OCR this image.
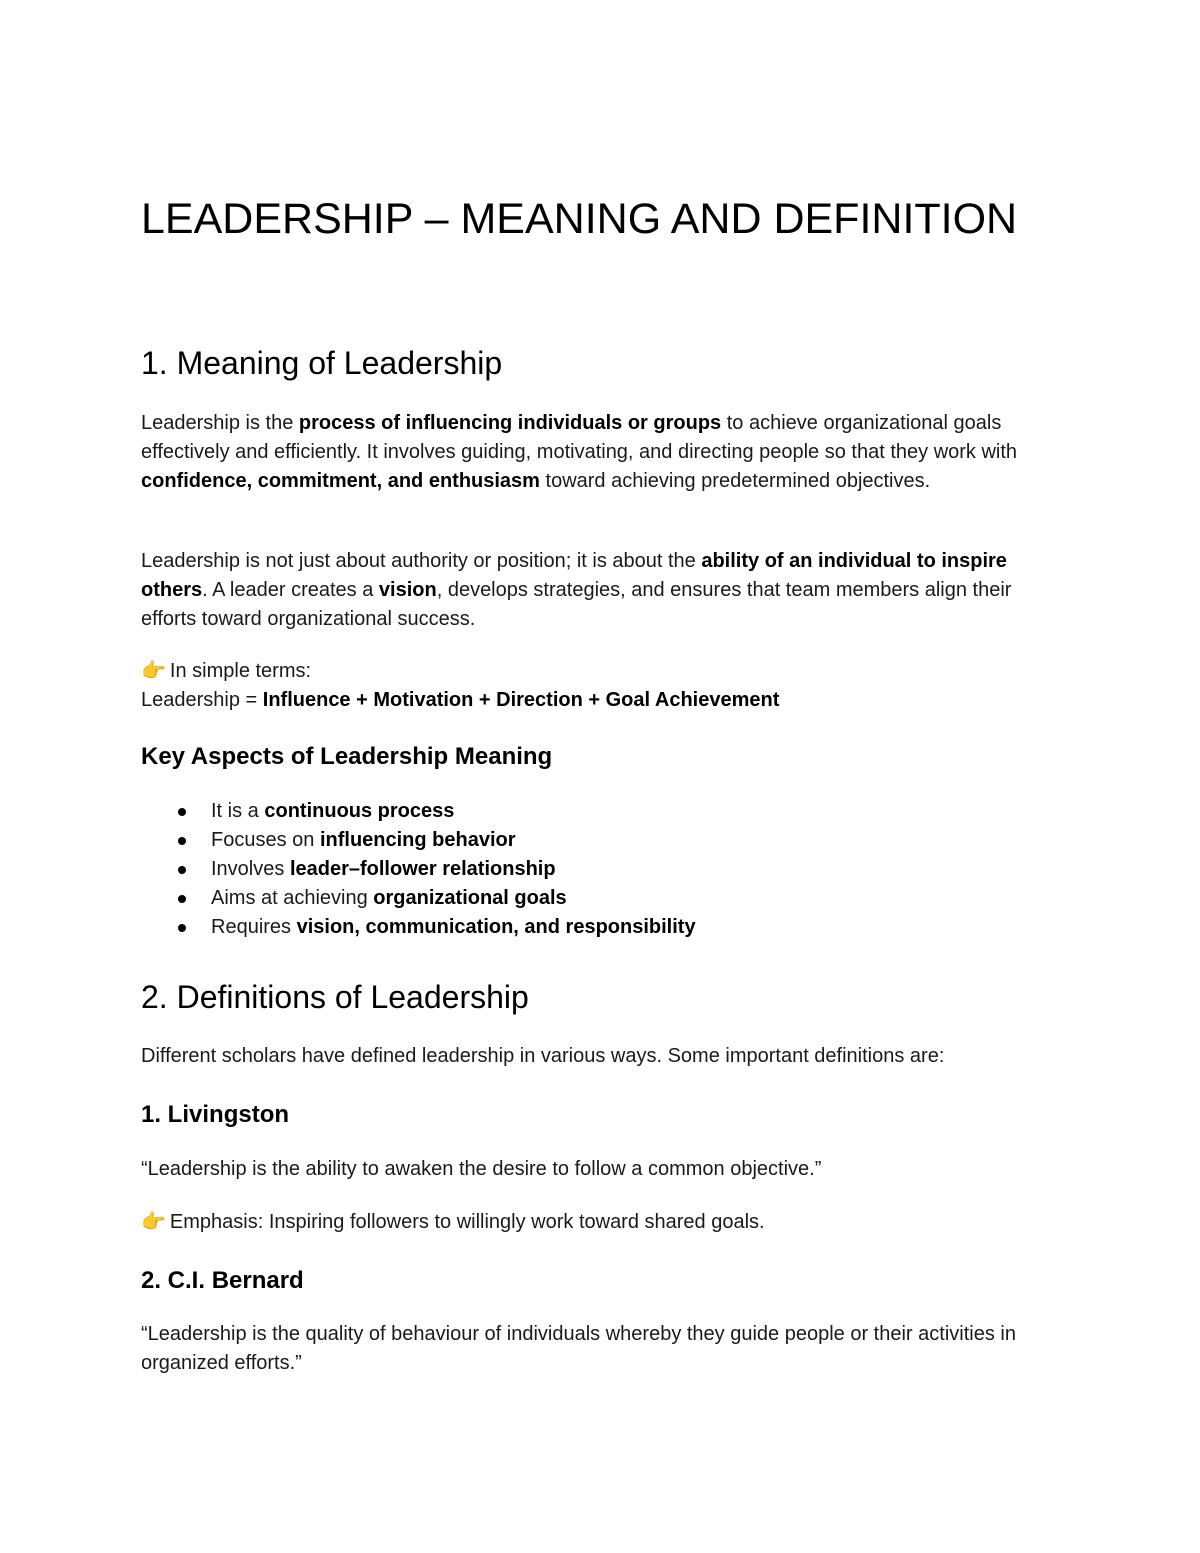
LEADERSHIP – MEANING AND DEFINITION
1. Meaning of Leadership

Leadership is the process of influencing individuals or groups to achieve organizational goals effectively and efficiently. It involves guiding, motivating, and directing people so that they work with confidence, commitment, and enthusiasm toward achieving predetermined objectives.

Leadership is not just about authority or position; it is about the ability of an individual to inspire others. A leader creates a vision, develops strategies, and ensures that team members align their efforts toward organizational success.

👉 In simple terms:
Leadership = Influence + Motivation + Direction + Goal Achievement

Key Aspects of Leadership Meaning
It is a continuous process
Focuses on influencing behavior
Involves leader–follower relationship
Aims at achieving organizational goals
Requires vision, communication, and responsibility
2. Definitions of Leadership

Different scholars have defined leadership in various ways. Some important definitions are:

1. Livingston

“Leadership is the ability to awaken the desire to follow a common objective.”

👉 Emphasis: Inspiring followers to willingly work toward shared goals.

2. C.I. Bernard

“Leadership is the quality of behaviour of individuals whereby they guide people or their activities in organized efforts.”
